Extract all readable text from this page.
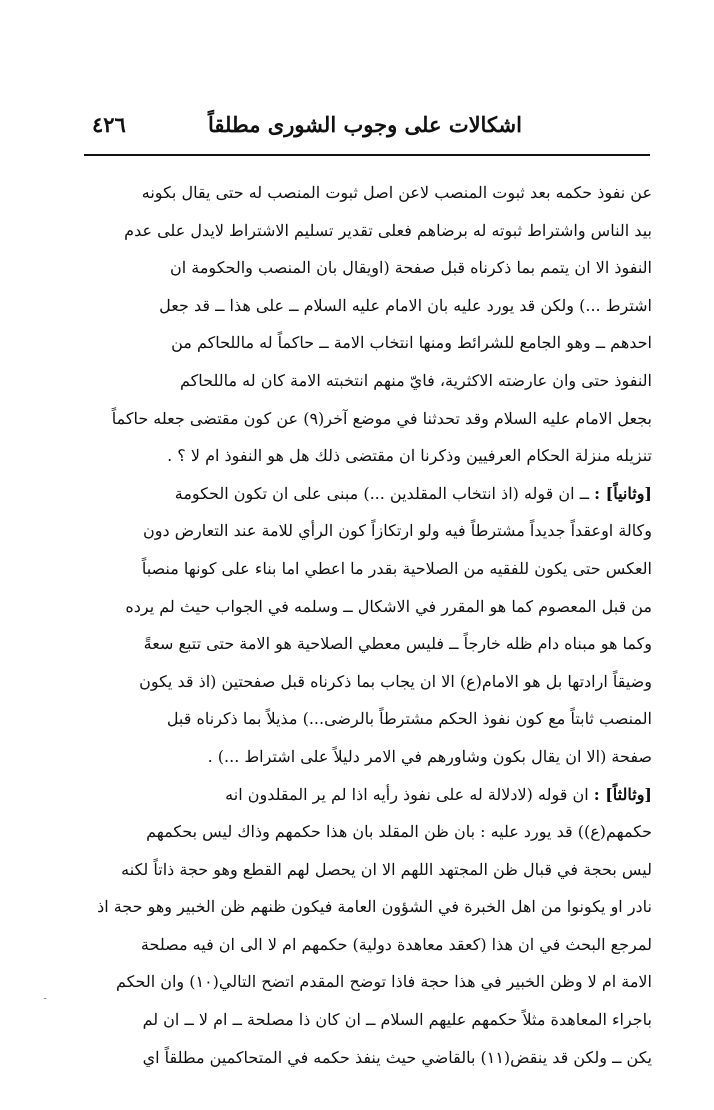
اشكالات على وجوب الشورى مطلقاً
٤٢٦
عن نفوذ حكمه بعد ثبوت المنصب لاعن اصل ثبوت المنصب له حتى يقال بكونه
بيد الناس واشتراط ثبوته له برضاهم فعلى تقدير تسليم الاشتراط لايدل على عدم
النفوذ الا ان يتمم بما ذكرناه قبل صفحة (اويقال بان المنصب والحكومة ان
اشترط ...) ولكن قد يورد عليه بان الامام عليه السلام ــ على هذا ــ قد جعل
احدهم ــ وهو الجامع للشرائط ومنها انتخاب الامة ــ حاكماً له ماللحاكم من
النفوذ حتى وان عارضته الاكثرية، فايّ منهم انتخبته الامة كان له ماللحاكم
بجعل الامام عليه السلام وقد تحدثنا في موضع آخر(٩) عن كون مقتضى جعله حاكماً
تنزيله منزلة الحكام العرفيين وذكرنا ان مقتضى ذلك هل هو النفوذ ام لا ؟ .
[وثانياً] : ــ ان قوله (اذ انتخاب المقلدين ...) مبنى على ان تكون الحكومة
وكالة اوعقداً جديداً مشترطاً فيه ولو ارتكازاً كون الرأي للامة عند التعارض دون
العكس حتى يكون للفقيه من الصلاحية بقدر ما اعطي اما بناء على كونها منصباً
من قبل المعصوم كما هو المقرر في الاشكال ــ وسلمه في الجواب حيث لم يرده
وكما هو مبناه دام ظله خارجاً ــ فليس معطي الصلاحية هو الامة حتى تتبع سعةً
وضيقاً ارادتها بل هو الامام(ع) الا ان يجاب بما ذكرناه قبل صفحتين (اذ قد يكون
المنصب ثابتاً مع كون نفوذ الحكم مشترطاً بالرضى...) مذيلاً بما ذكرناه قبل
صفحة (الا ان يقال بكون وشاورهم في الامر دليلاً على اشتراط ...) .
[وثالثاً] : ان قوله (لادلالة له على نفوذ رأيه اذا لم ير المقلدون انه
حكمهم(ع)) قد يورد عليه : بان ظن المقلد بان هذا حكمهم وذاك ليس بحكمهم
ليس بحجة في قبال ظن المجتهد اللهم الا ان يحصل لهم القطع وهو حجة ذاتاً لكنه
نادر او يكونوا من اهل الخبرة في الشؤون العامة فيكون ظنهم ظن الخبير وهو حجة اذ
لمرجع البحث في ان هذا (كعقد معاهدة دولية) حكمهم ام لا الى ان فيه مصلحة
الامة ام لا وظن الخبير في هذا حجة فاذا توضح المقدم اتضح التالي(١٠) وان الحكم
باجراء المعاهدة مثلاً حكمهم عليهم السلام ــ ان كان ذا مصلحة ــ ام لا ــ ان لم
يكن ــ ولكن قد ينقض(١١) بالقاضي حيث ينفذ حكمه في المتحاكمين مطلقاً اي
ـ
